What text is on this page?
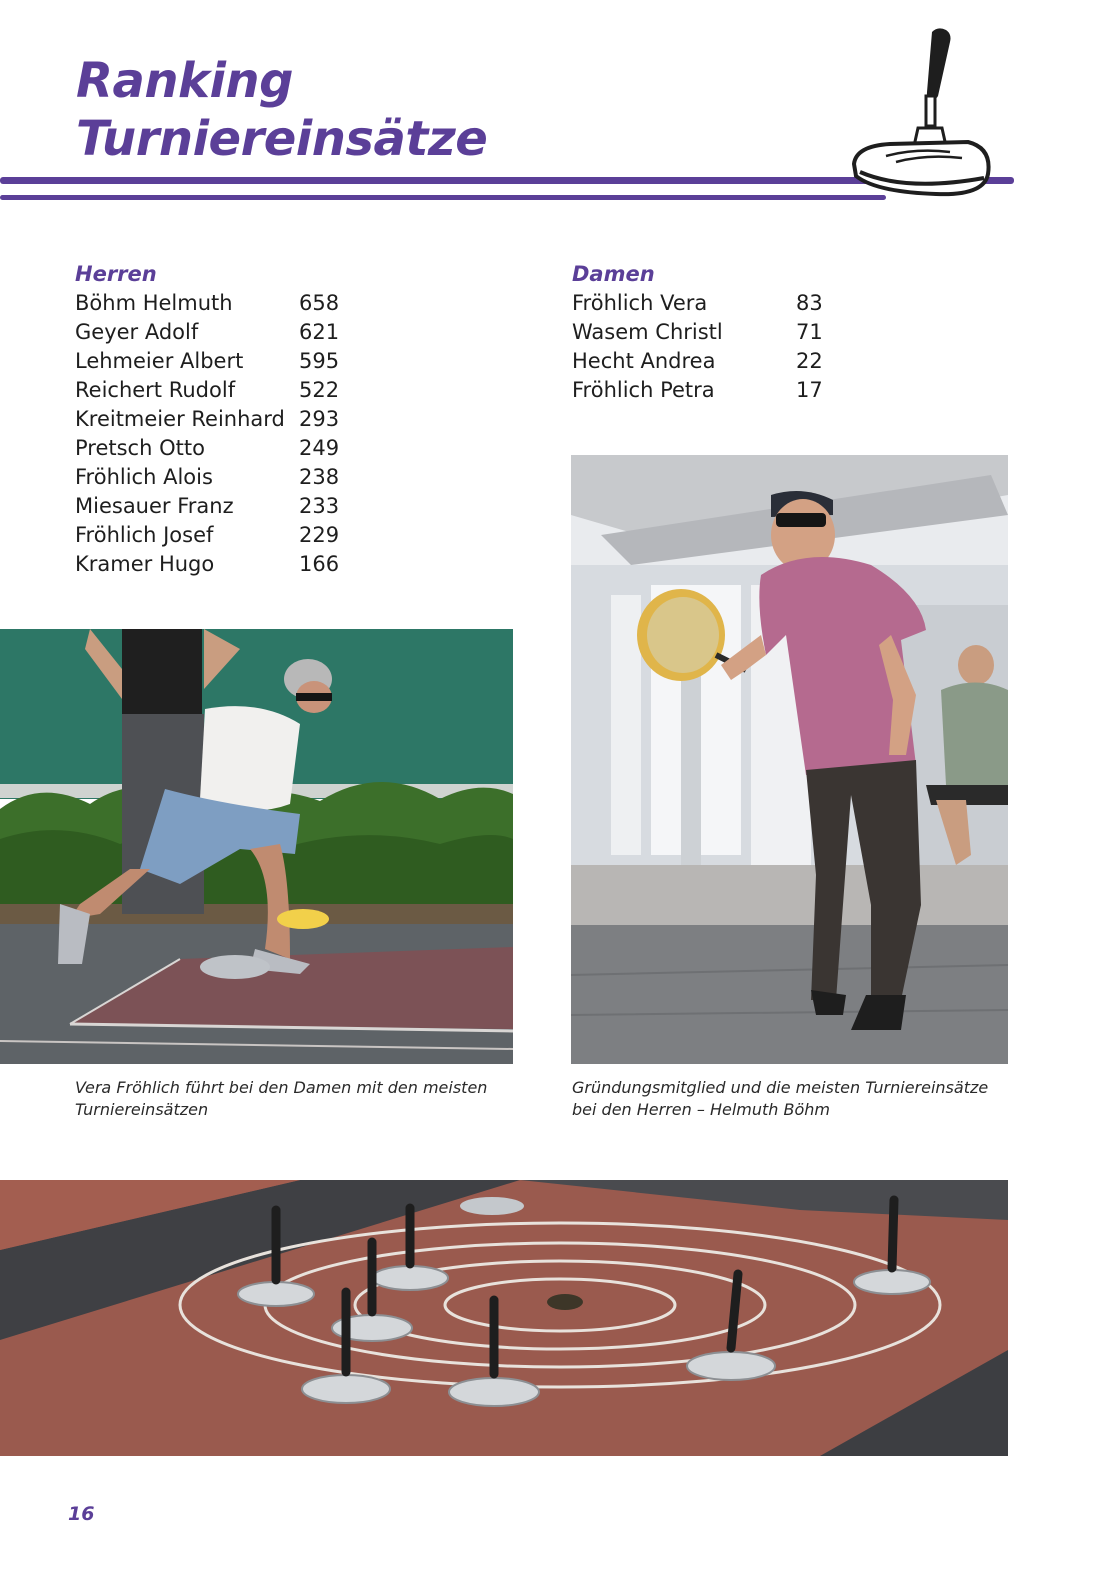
Ranking
Turniereinsätze
Herren
Böhm Helmuth	658
Geyer Adolf	621
Lehmeier Albert	595
Reichert Rudolf	522
Kreitmeier Reinhard 293
Pretsch Otto	249
Fröhlich Alois	238
Miesauer Franz	233
Fröhlich Josef	229
Kramer Hugo	166
Damen
Fröhlich Vera	83
Wasem Christl	71
Hecht Andrea	22
Fröhlich Petra	17
Vera Fröhlich führt bei den Damen mit den meisten Turniereinsätzen
Gründungsmitglied und die meisten Turniereinsätze bei den Herren – Helmuth Böhm
16
